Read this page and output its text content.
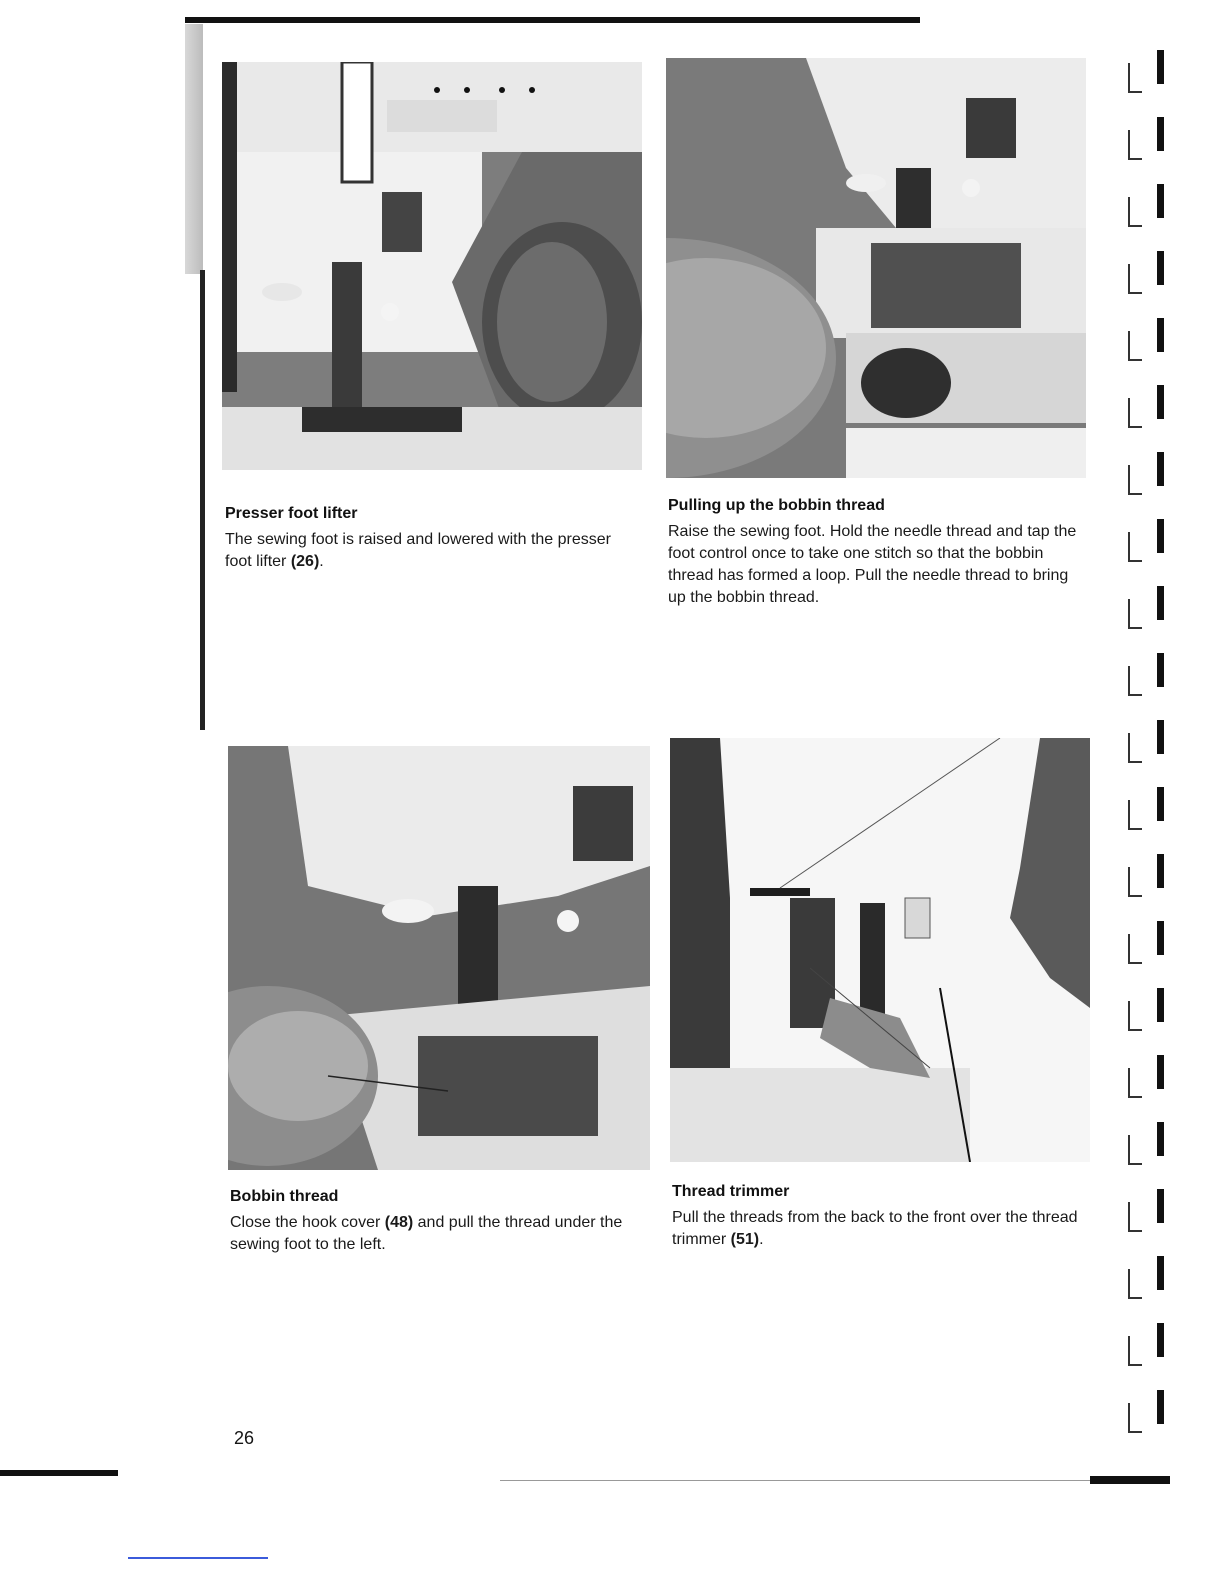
Presser foot lifter

The sewing foot is raised and lowered with the presser foot lifter (26).

Pulling up the bobbin thread

Raise the sewing foot. Hold the needle thread and tap the foot control once to take one stitch so that the bobbin thread has formed a loop. Pull the needle thread to bring up the bobbin thread.

Bobbin thread

Close the hook cover (48) and pull the thread under the sewing foot to the left.

Thread trimmer

Pull the threads from the back to the front over the thread trimmer (51).

26
